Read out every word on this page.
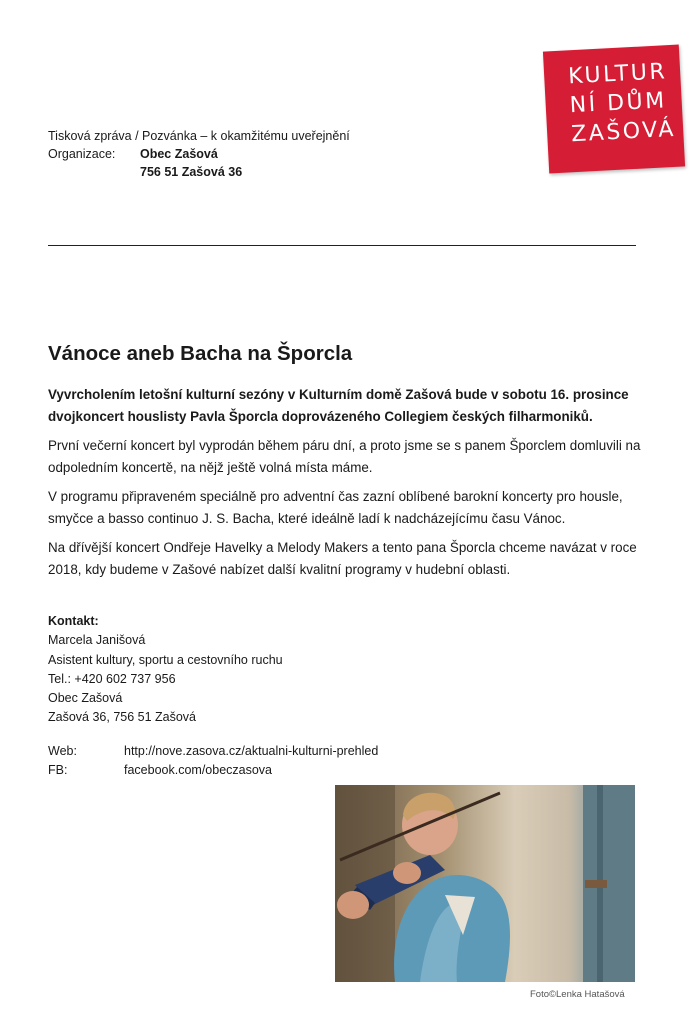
KULTUR
NÍ DŮM
ZAŠOVÁ
Tisková zpráva / Pozvánka – k okamžitému uveřejnění
Organizace:	Obec Zašová
756 51 Zašová 36
Vánoce aneb Bacha na Šporcla

Vyvrcholením letošní kulturní sezóny v Kulturním domě Zašová bude v sobotu 16. prosince dvojkoncert houslisty Pavla Šporcla doprovázeného Collegiem českých filharmoniků.

První večerní koncert byl vyprodán během páru dní, a proto jsme se s panem Šporclem domluvili na odpoledním koncertě, na nějž ještě volná místa máme.

V programu připraveném speciálně pro adventní čas zazní oblíbené barokní koncerty pro housle, smyčce a basso continuo J. S. Bacha, které ideálně ladí k nadcházejícímu času Vánoc.

Na dřívější koncert Ondřeje Havelky a Melody Makers a tento pana Šporcla chceme navázat v roce 2018, kdy budeme v Zašové nabízet další kvalitní programy v hudební oblasti.

Kontakt:
Marcela Janišová
Asistent kultury, sportu a cestovního ruchu
Tel.: +420 602 737 956
Obec Zašová
Zašová 36, 756 51 Zašová
Web:	http://nove.zasova.cz/aktualni-kulturni-prehled
FB:	facebook.com/obeczasova
Foto©Lenka Hatašová
